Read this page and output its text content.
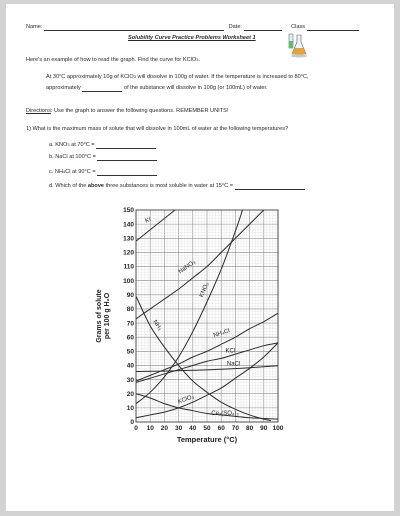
Name:	Date:	Class
Solubility Curve Practice Problems Worksheet 1
Here's an example of how to read the graph. Find the curve for KClO3.
At 30°C approximately 10g of KClO3 will dissolve in 100g of water. If the temperature is increased to 80°C,
approximately	of the substance will dissolve in 100g (or 100mL) of water.
Directions: Use the graph to answer the following questions. REMEMBER UNITS!
1) What is the maximum mass of solute that will dissolve in 100mL of water at the following temperatures?
a. KNO3 at 70°C =
b. NaCl at 100°C =
c. NH4Cl at 90°C =
d. Which of the above three substances is most soluble in water at 15°C =
KI
NaNO₃
KNO₃
NH₃
NH₄Cl
KCl
NaCl
KClO₃
Ce₂(SO₄)₃
0 10 20 30 40 50 60 70 80 90 100
0
10
20
30
40
50
60
70
80
90
100
110
120
130
140
150
Grams of soluteper 100 g H₂O
Temperature (°C)
